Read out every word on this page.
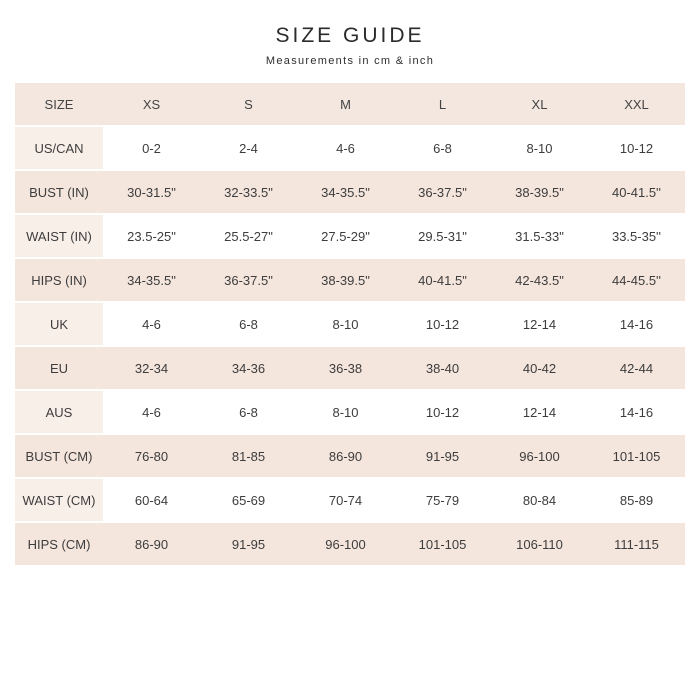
SIZE GUIDE

Measurements in cm & inch

SIZE	XS	S	M	L	XL	XXL
US/CAN	0-2	2-4	4-6	6-8	8-10	10-12
BUST (IN)	30-31.5"	32-33.5"	34-35.5"	36-37.5"	38-39.5"	40-41.5''
WAIST (IN)	23.5-25"	25.5-27"	27.5-29"	29.5-31"	31.5-33"	33.5-35''
HIPS (IN)	34-35.5"	36-37.5"	38-39.5"	40-41.5"	42-43.5"	44-45.5''
UK	4-6	6-8	8-10	10-12	12-14	14-16
EU	32-34	34-36	36-38	38-40	40-42	42-44
AUS	4-6	6-8	8-10	10-12	12-14	14-16
BUST (CM)	76-80	81-85	86-90	91-95	96-100	101-105
WAIST (CM)	60-64	65-69	70-74	75-79	80-84	85-89
HIPS (CM)	86-90	91-95	96-100	101-105	106-110	111-115
